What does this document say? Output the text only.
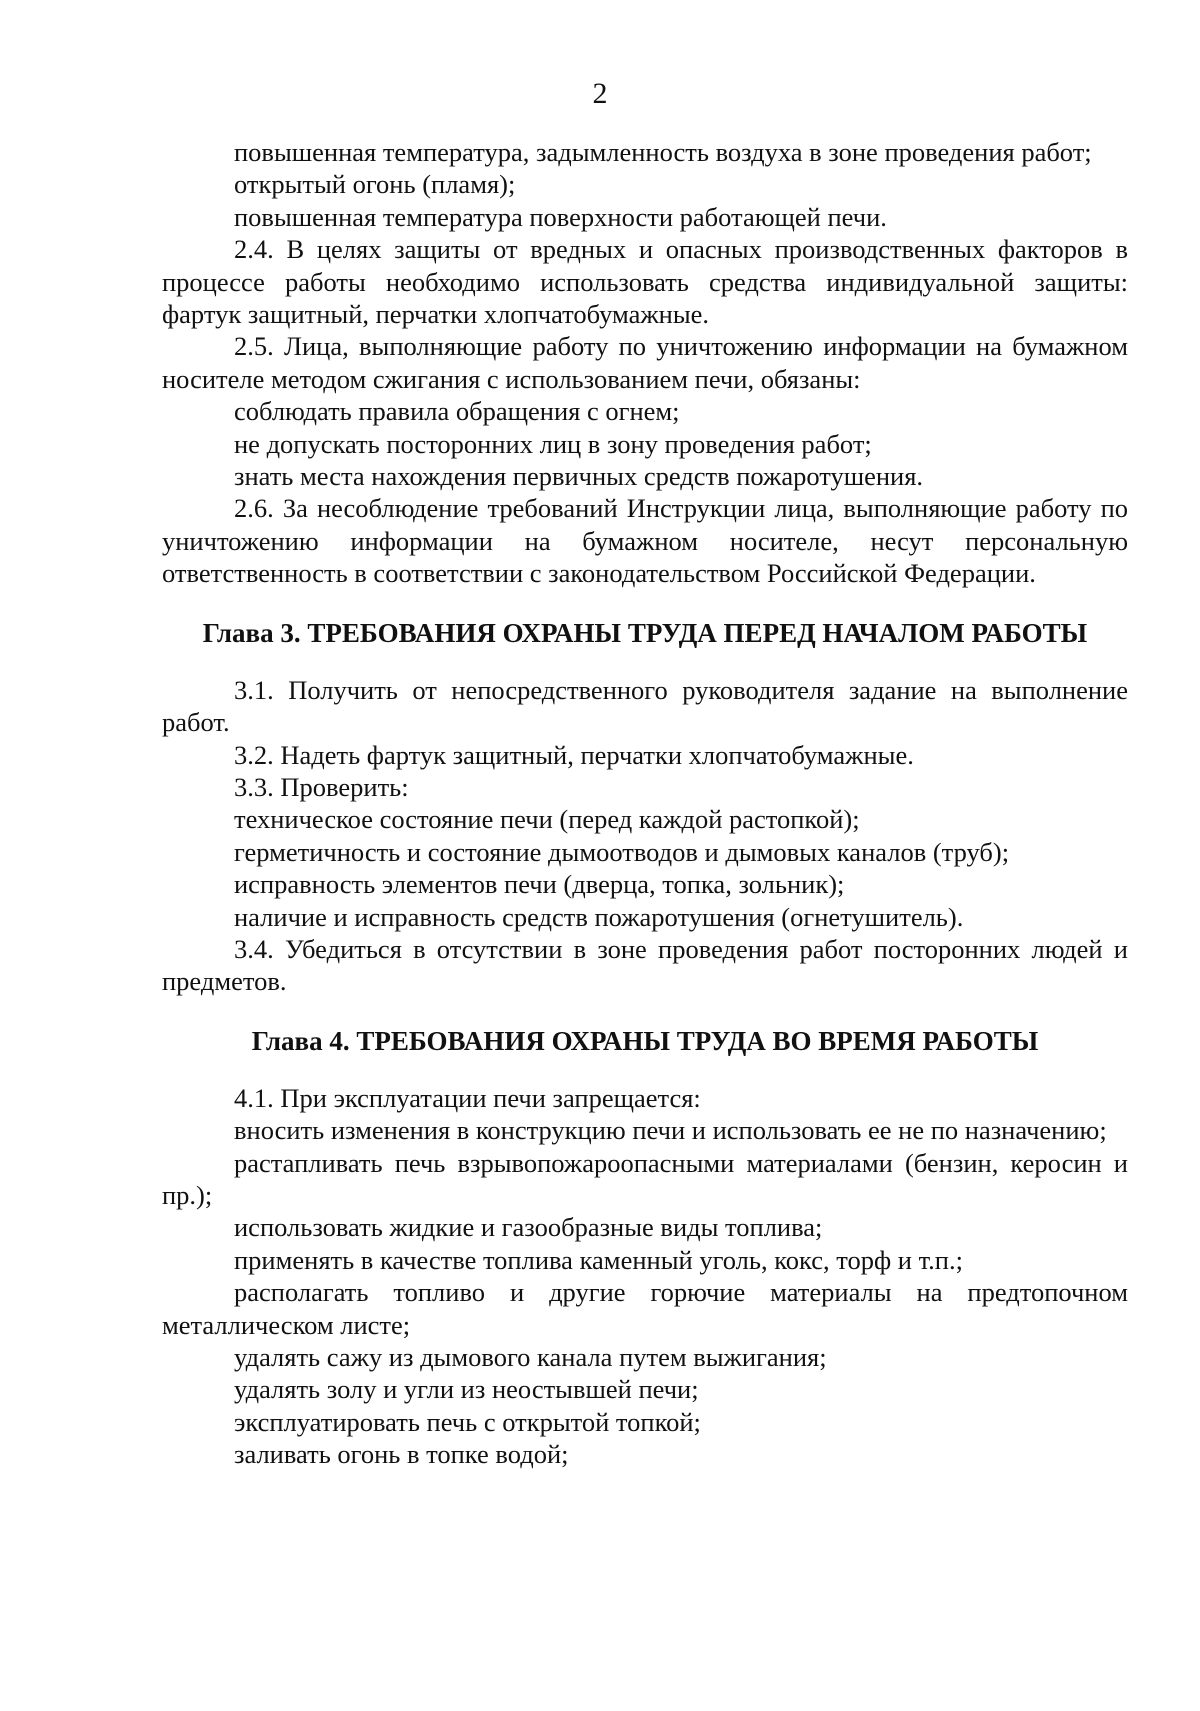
2

повышенная температура, задымленность воздуха в зоне проведения работ;

открытый огонь (пламя);

повышенная температура поверхности работающей печи.

2.4. В целях защиты от вредных и опасных производственных факторов в процессе работы необходимо использовать средства индивидуальной защиты: фартук защитный, перчатки хлопчатобумажные.

2.5. Лица, выполняющие работу по уничтожению информации на бумажном носителе методом сжигания с использованием печи, обязаны:

соблюдать правила обращения с огнем;

не допускать посторонних лиц в зону проведения работ;

знать места нахождения первичных средств пожаротушения.

2.6. За несоблюдение требований Инструкции лица, выполняющие работу по уничтожению информации на бумажном носителе, несут персональную ответственность в соответствии с законодательством Российской Федерации.

Глава 3. ТРЕБОВАНИЯ ОХРАНЫ ТРУДА ПЕРЕД НАЧАЛОМ РАБОТЫ

3.1. Получить от непосредственного руководителя задание на выполнение работ.

3.2. Надеть фартук защитный, перчатки хлопчатобумажные.

3.3. Проверить:

техническое состояние печи (перед каждой растопкой);

герметичность и состояние дымоотводов и дымовых каналов (труб);

исправность элементов печи (дверца, топка, зольник);

наличие и исправность средств пожаротушения (огнетушитель).

3.4. Убедиться в отсутствии в зоне проведения работ посторонних людей и предметов.

Глава 4. ТРЕБОВАНИЯ ОХРАНЫ ТРУДА ВО ВРЕМЯ РАБОТЫ

4.1. При эксплуатации печи запрещается:

вносить изменения в конструкцию печи и использовать ее не по назначению;

растапливать печь взрывопожароопасными материалами (бензин, керосин и пр.);

использовать жидкие и газообразные виды топлива;

применять в качестве топлива каменный уголь, кокс, торф и т.п.;

располагать топливо и другие горючие материалы на предтопочном металлическом листе;

удалять сажу из дымового канала путем выжигания;

удалять золу и угли из неостывшей печи;

эксплуатировать печь с открытой топкой;

заливать огонь в топке водой;
